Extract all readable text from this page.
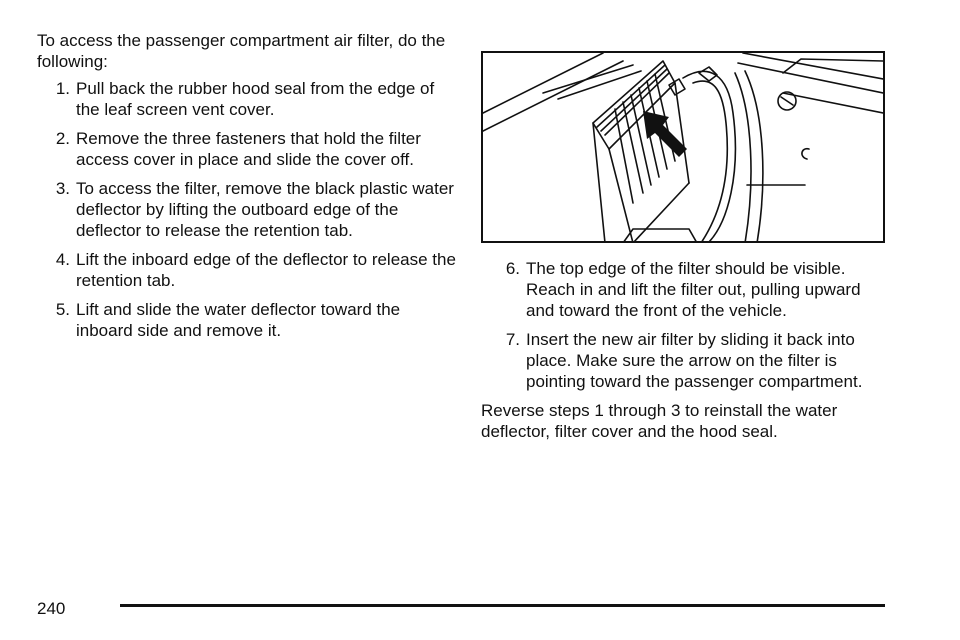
To access the passenger compartment air filter, do the following:

1. Pull back the rubber hood seal from the edge of the leaf screen vent cover.
2. Remove the three fasteners that hold the filter access cover in place and slide the cover off.
3. To access the filter, remove the black plastic water deflector by lifting the outboard edge of the deflector to release the retention tab.
4. Lift the inboard edge of the deflector to release the retention tab.
5. Lift and slide the water deflector toward the inboard side and remove it.
6. The top edge of the filter should be visible. Reach in and lift the filter out, pulling upward and toward the front of the vehicle.
7. Insert the new air filter by sliding it back into place. Make sure the arrow on the filter is pointing toward the passenger compartment.

Reverse steps 1 through 3 to reinstall the water deflector, filter cover and the hood seal.

240
